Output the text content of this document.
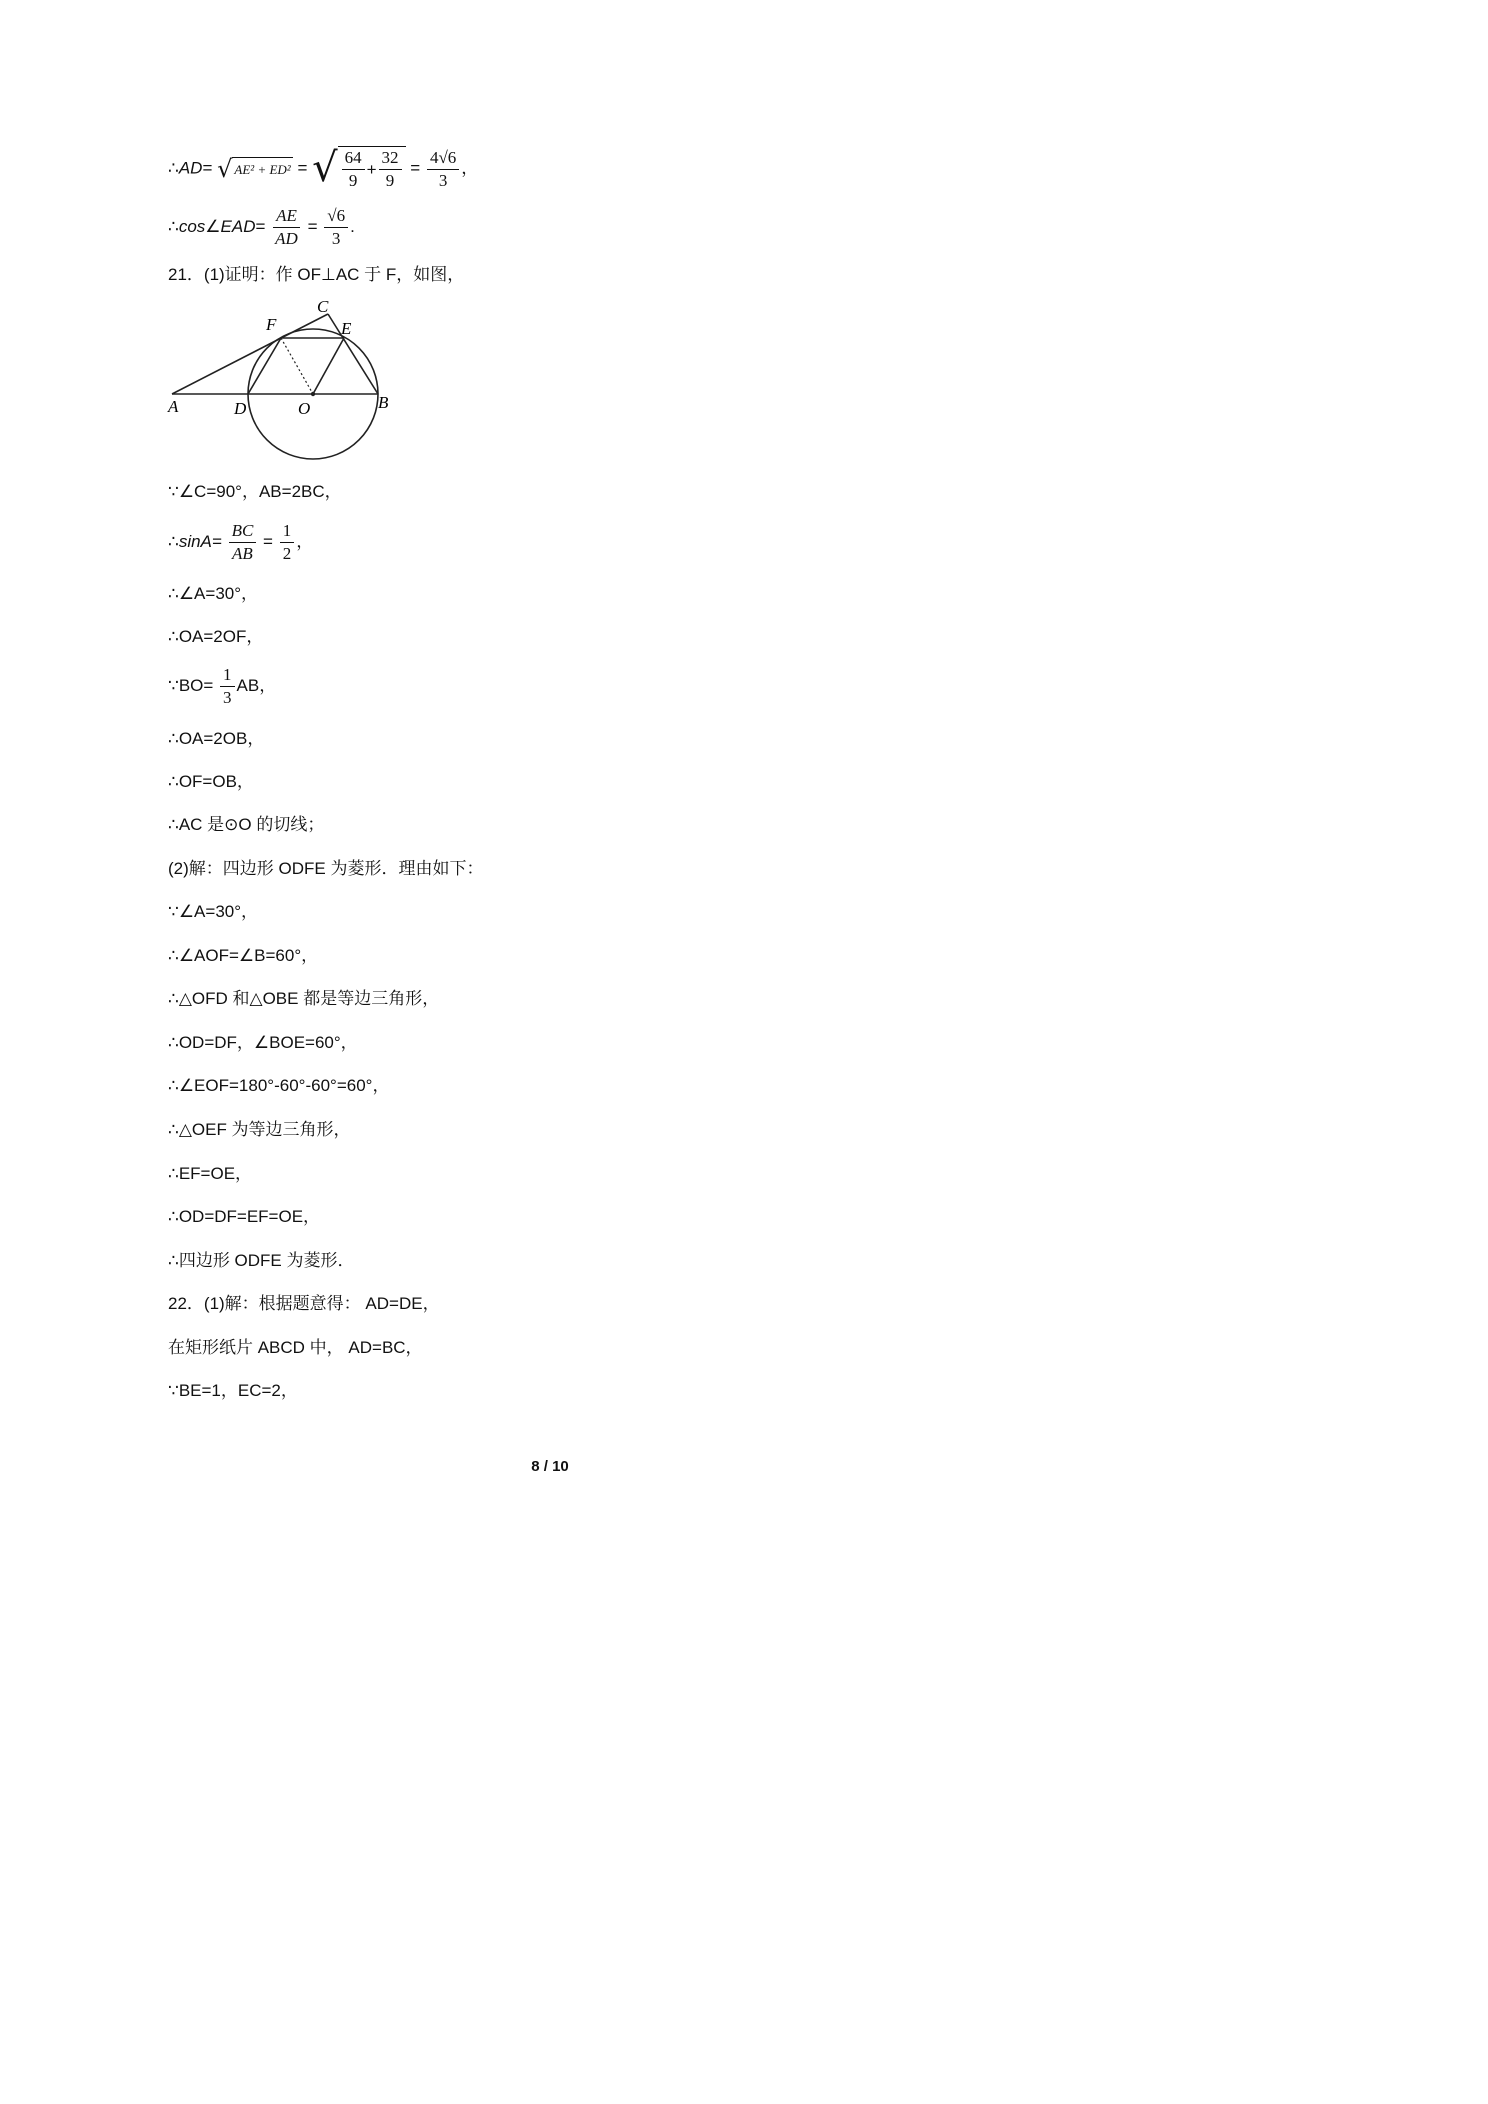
∴AD= √ AE² + ED² = √ $\frac{64}{9} + \frac{32}{9} = \frac{4√6}{3}$ ，
∴cos∠EAD= $\frac{AE}{AD} = \frac{√6}{3}$ .
21．(1)证明：作 OF⊥AC 于 F，如图，
C
F	E
A	D	O	B
∵∠C=90°，AB=2BC，
∴sinA= $\frac{BC}{AB} = \frac{1}{2}$ ，
∴∠A=30°，
∴OA=2OF，
∵BO= $\frac{1}{3}$ AB，
∴OA=2OB，
∴OF=OB，
∴AC 是⊙O 的切线；
(2)解：四边形 ODFE 为菱形．理由如下：
∵∠A=30°，
∴∠AOF=∠B=60°，
∴△OFD 和△OBE 都是等边三角形，
∴OD=DF，∠BOE=60°，
∴∠EOF=180°-60°-60°=60°，
∴△OEF 为等边三角形，
∴EF=OE，
∴OD=DF=EF=OE，
∴四边形 ODFE 为菱形．
22．(1)解：根据题意得： AD=DE，
在矩形纸片 ABCD 中， AD=BC，
∵BE=1，EC=2，
8 / 10
